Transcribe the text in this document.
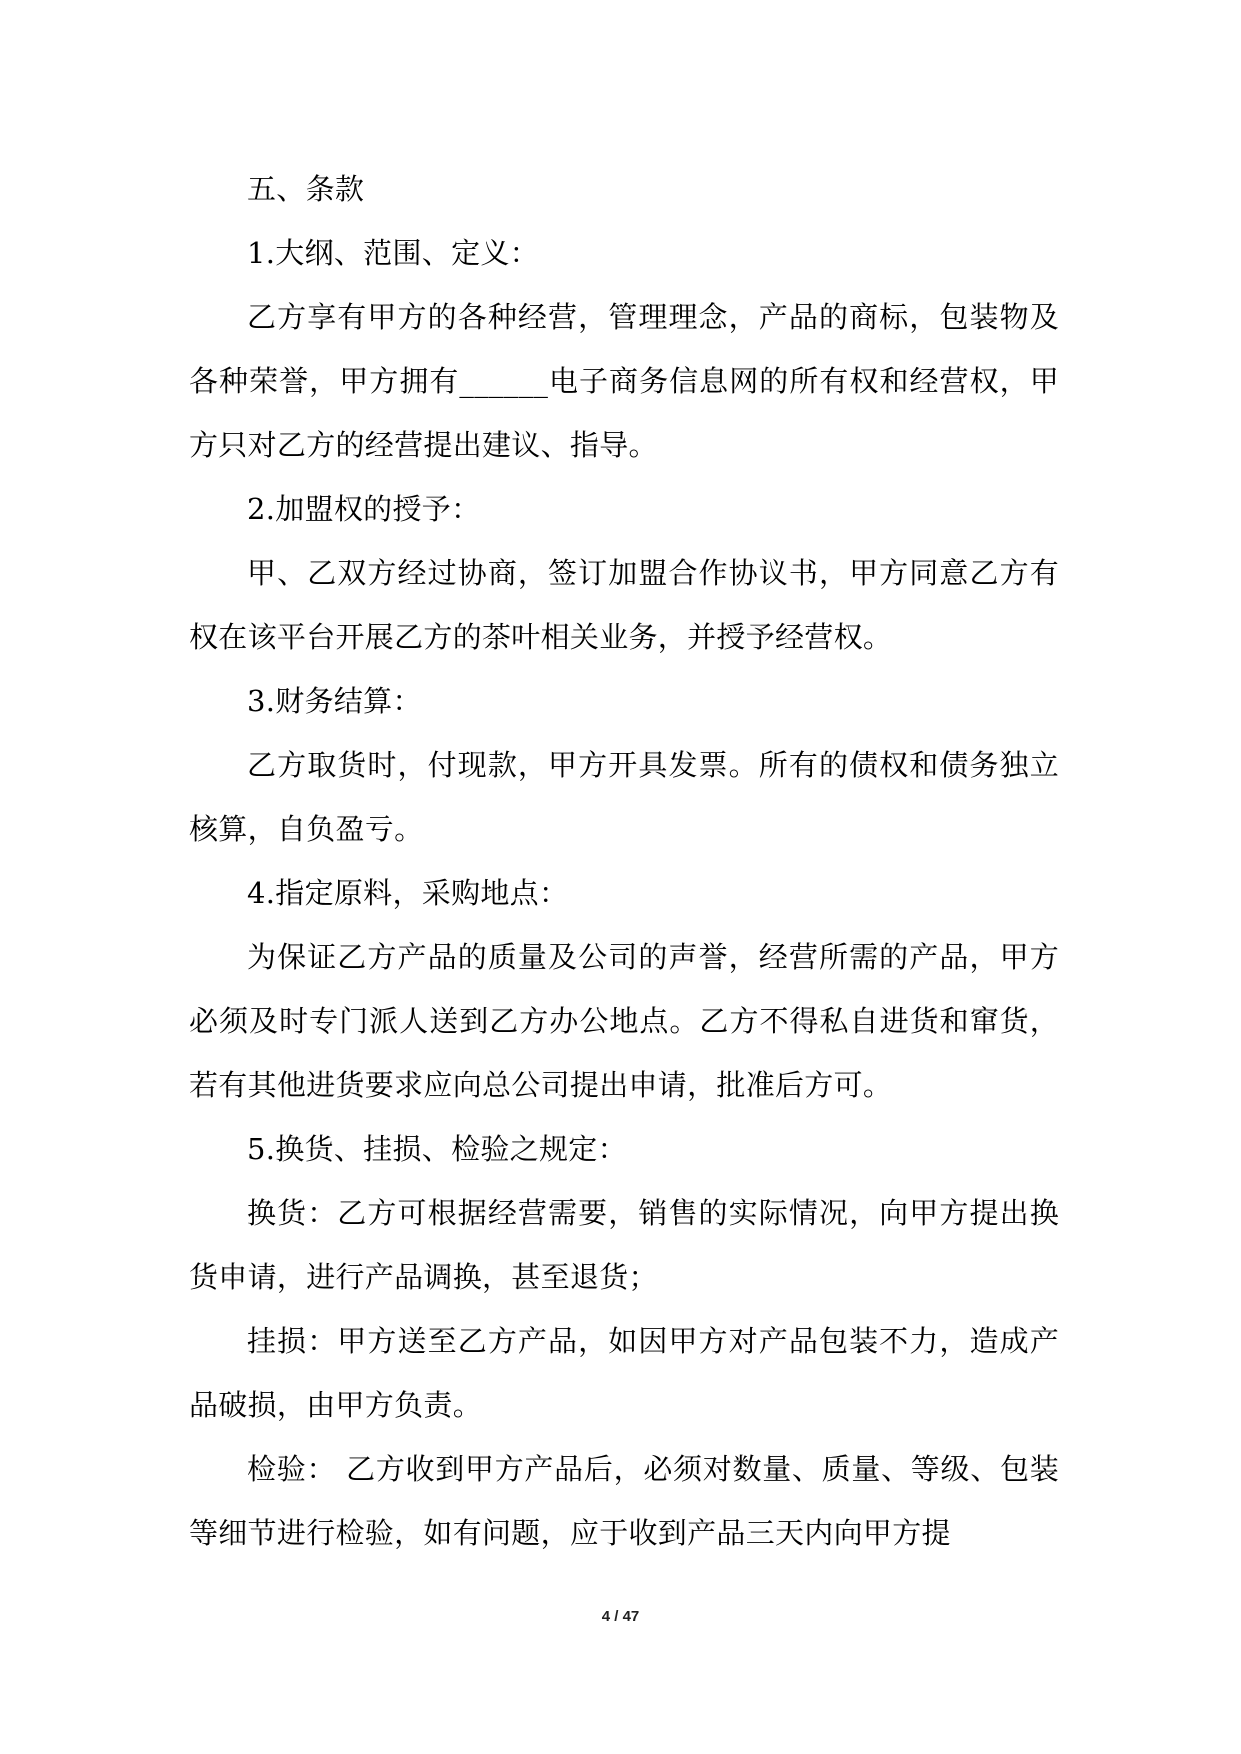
五、条款

1.大纲、范围、定义：

乙方享有甲方的各种经营，管理理念，产品的商标，包装物及各种荣誉，甲方拥有______电子商务信息网的所有权和经营权，甲方只对乙方的经营提出建议、指导。

2.加盟权的授予：

甲、乙双方经过协商，签订加盟合作协议书，甲方同意乙方有权在该平台开展乙方的茶叶相关业务，并授予经营权。

3.财务结算：

乙方取货时，付现款，甲方开具发票。所有的债权和债务独立核算，自负盈亏。

4.指定原料，采购地点：

为保证乙方产品的质量及公司的声誉，经营所需的产品，甲方必须及时专门派人送到乙方办公地点。乙方不得私自进货和窜货，若有其他进货要求应向总公司提出申请，批准后方可。

5.换货、挂损、检验之规定：

换货：乙方可根据经营需要，销售的实际情况，向甲方提出换货申请，进行产品调换，甚至退货；

挂损：甲方送至乙方产品，如因甲方对产品包装不力，造成产品破损，由甲方负责。

检验： 乙方收到甲方产品后，必须对数量、质量、等级、包装等细节进行检验，如有问题，应于收到产品三天内向甲方提

4 / 47
